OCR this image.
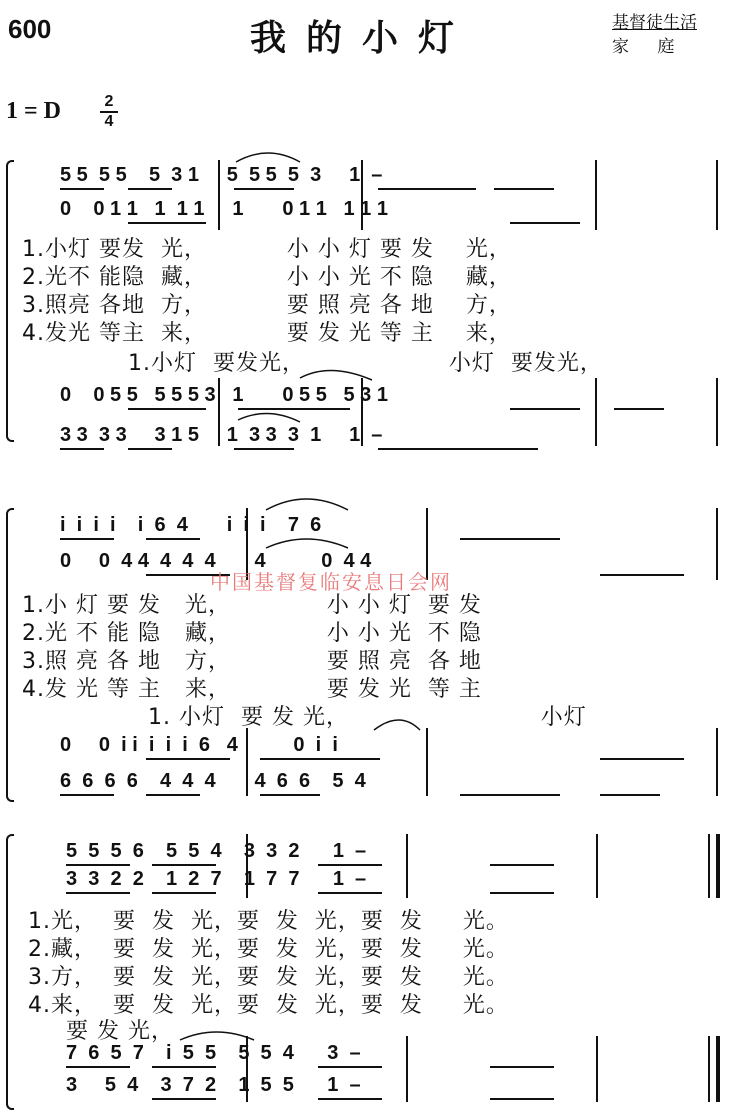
600	我的小灯	基督徒生活
家      庭
1 = D	2
4
5 5  5 5    5  3 1     5  5 5  5  3     1  –
0    0 1 1   1  1 1     1       0 1 1   1 1 1
1.小灯 要发  光，          小 小 灯 要 发    光，
2.光不 能隐  藏，          小 小 光 不 隐    藏，
3.照亮 各地  方，          要 照 亮 各 地    方，
4.发光 等主  来，          要 发 光 等 主    来，
1.小灯  要发光，                  小灯  要发光，
0    0 5 5   5 5 5 3   1       0 5 5   5 3 1
3 3  3 3     3 1 5     1  3 3  3  1     1  –
i  i  i  i    i  6  4       i  i  i    7  6
0     0  4 4  4  4  4       4          0  4 4
中国基督复临安息日会网
1.小 灯 要 发   光，            小 小 灯  要 发
2.光 不 能 隐   藏，            小 小 光  不 隐
3.照 亮 各 地   方，            要 照 亮  各 地
4.发 光 等 主   来，            要 发 光  等 主
1. 小灯  要 发 光，                        小灯
0     0  i i  i  i  i  6   4          0  i  i
6  6  6  6    4  4  4       4  6  6    5  4
5  5  5  6    5  5  4    3  3  2      1  –
3  3  2  2    1  2  7    1  7  7      1  –
1.光，  要  发  光，要  发  光，要  发     光。
2.藏，  要  发  光，要  发  光，要  发     光。
3.方，  要  发  光，要  发  光，要  发     光。
4.来，  要  发  光，要  发  光，要  发     光。
要 发 光，
7  6  5  7    i  5  5    5  5  4      3  –
3     5  4    3  7  2    1  5  5      1  –
